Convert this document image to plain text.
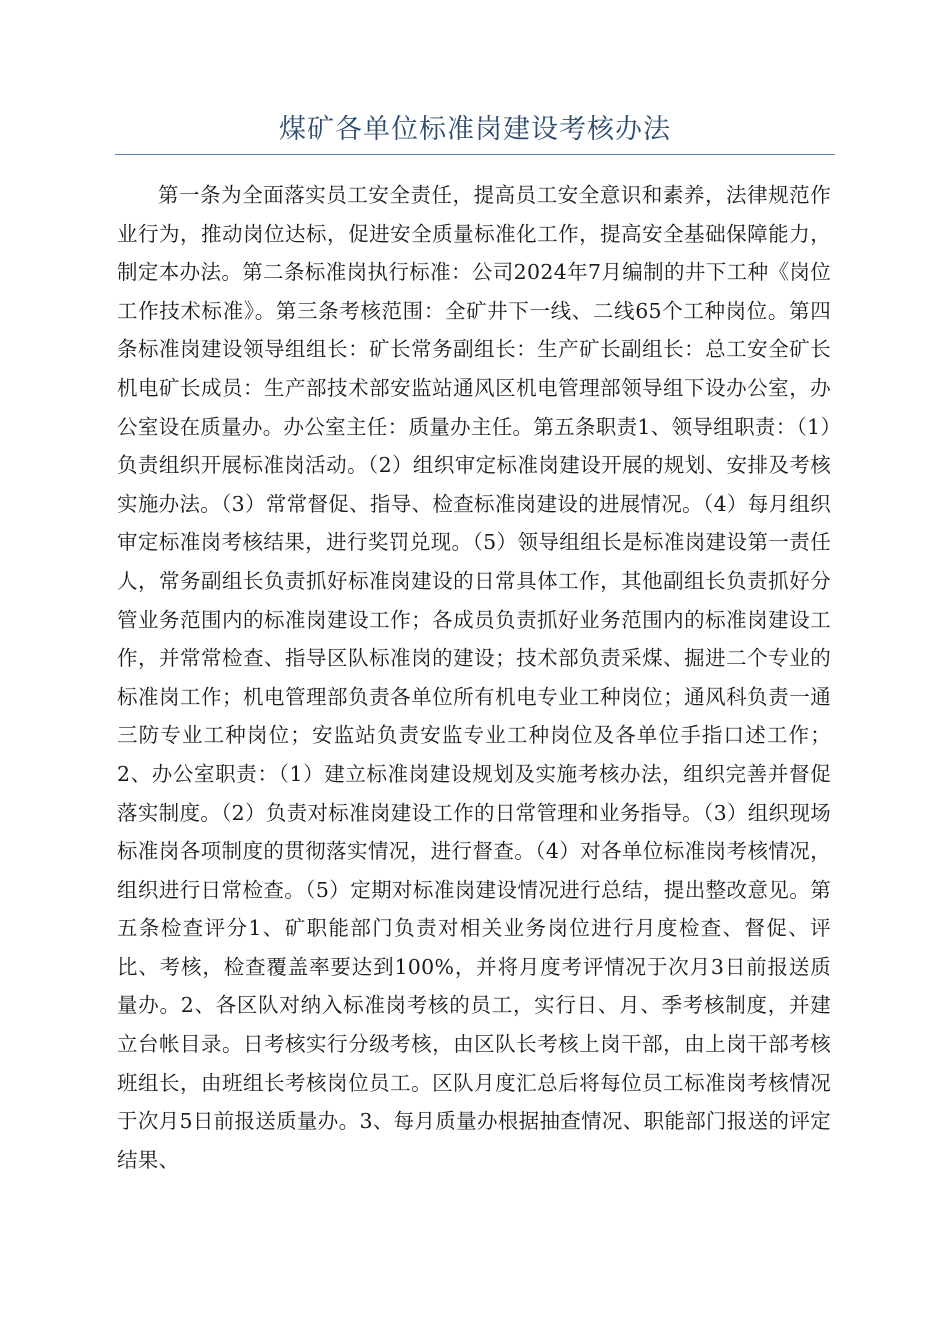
煤矿各单位标准岗建设考核办法

第一条为全面落实员工安全责任，提高员工安全意识和素养，法律规范作业行为，推动岗位达标，促进安全质量标准化工作，提高安全基础保障能力，制定本办法。第二条标准岗执行标准：公司2024年7月编制的井下工种《岗位工作技术标准》。第三条考核范围：全矿井下一线、二线65个工种岗位。第四条标准岗建设领导组组长：矿长常务副组长：生产矿长副组长：总工安全矿长机电矿长成员：生产部技术部安监站通风区机电管理部领导组下设办公室，办公室设在质量办。办公室主任：质量办主任。第五条职责1、领导组职责：（1）负责组织开展标准岗活动。（2）组织审定标准岗建设开展的规划、安排及考核实施办法。（3）常常督促、指导、检查标准岗建设的进展情况。（4）每月组织审定标准岗考核结果，进行奖罚兑现。（5）领导组组长是标准岗建设第一责任人，常务副组长负责抓好标准岗建设的日常具体工作，其他副组长负责抓好分管业务范围内的标准岗建设工作；各成员负责抓好业务范围内的标准岗建设工作，并常常检查、指导区队标准岗的建设；技术部负责采煤、掘进二个专业的标准岗工作；机电管理部负责各单位所有机电专业工种岗位；通风科负责一通三防专业工种岗位；安监站负责安监专业工种岗位及各单位手指口述工作；2、办公室职责：（1）建立标准岗建设规划及实施考核办法，组织完善并督促落实制度。（2）负责对标准岗建设工作的日常管理和业务指导。（3）组织现场标准岗各项制度的贯彻落实情况，进行督查。（4）对各单位标准岗考核情况，组织进行日常检查。（5）定期对标准岗建设情况进行总结，提出整改意见。第五条检查评分1、矿职能部门负责对相关业务岗位进行月度检查、督促、评比、考核，检查覆盖率要达到100%，并将月度考评情况于次月3日前报送质量办。2、各区队对纳入标准岗考核的员工，实行日、月、季考核制度，并建立台帐目录。日考核实行分级考核，由区队长考核上岗干部，由上岗干部考核班组长，由班组长考核岗位员工。区队月度汇总后将每位员工标准岗考核情况于次月5日前报送质量办。3、每月质量办根据抽查情况、职能部门报送的评定结果、
